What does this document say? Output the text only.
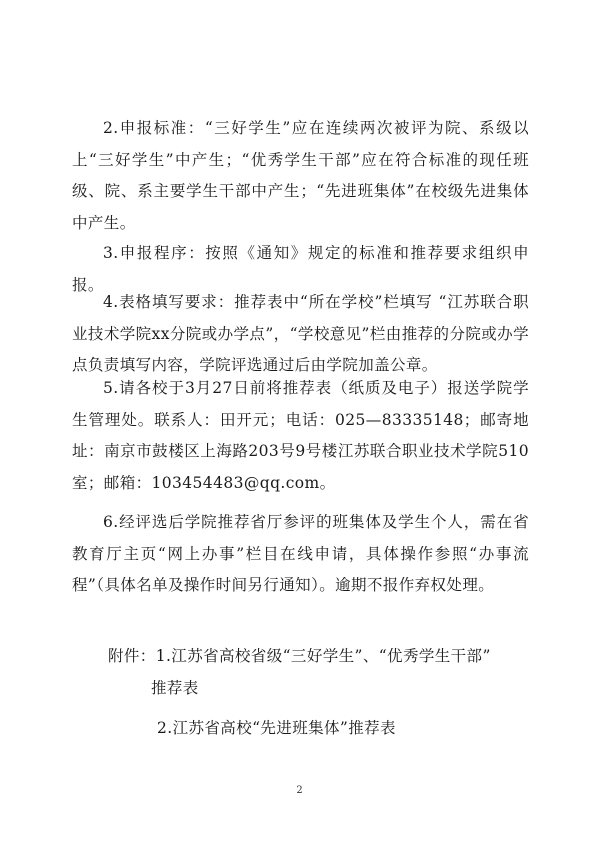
2.申报标准：“三好学生”应在连续两次被评为院、系级以上“三好学生”中产生；“优秀学生干部”应在符合标准的现任班级、院、系主要学生干部中产生；“先进班集体”在校级先进集体中产生。

3.申报程序：按照《通知》规定的标准和推荐要求组织申报。

4.表格填写要求：推荐表中“所在学校”栏填写 “江苏联合职业技术学院xx分院或办学点”，“学校意见”栏由推荐的分院或办学点负责填写内容，学院评选通过后由学院加盖公章。

5.请各校于3月27日前将推荐表（纸质及电子）报送学院学生管理处。联系人：田开元；电话：025—83335148；邮寄地址：南京市鼓楼区上海路203号9号楼江苏联合职业技术学院510室；邮箱：103454483@qq.com。

6.经评选后学院推荐省厅参评的班集体及学生个人，需在省教育厅主页“网上办事”栏目在线申请，具体操作参照“办事流程”（具体名单及操作时间另行通知）。逾期不报作弃权处理。

附件：1.江苏省高校省级“三好学生”、“优秀学生干部”

推荐表

2.江苏省高校“先进班集体”推荐表

2
